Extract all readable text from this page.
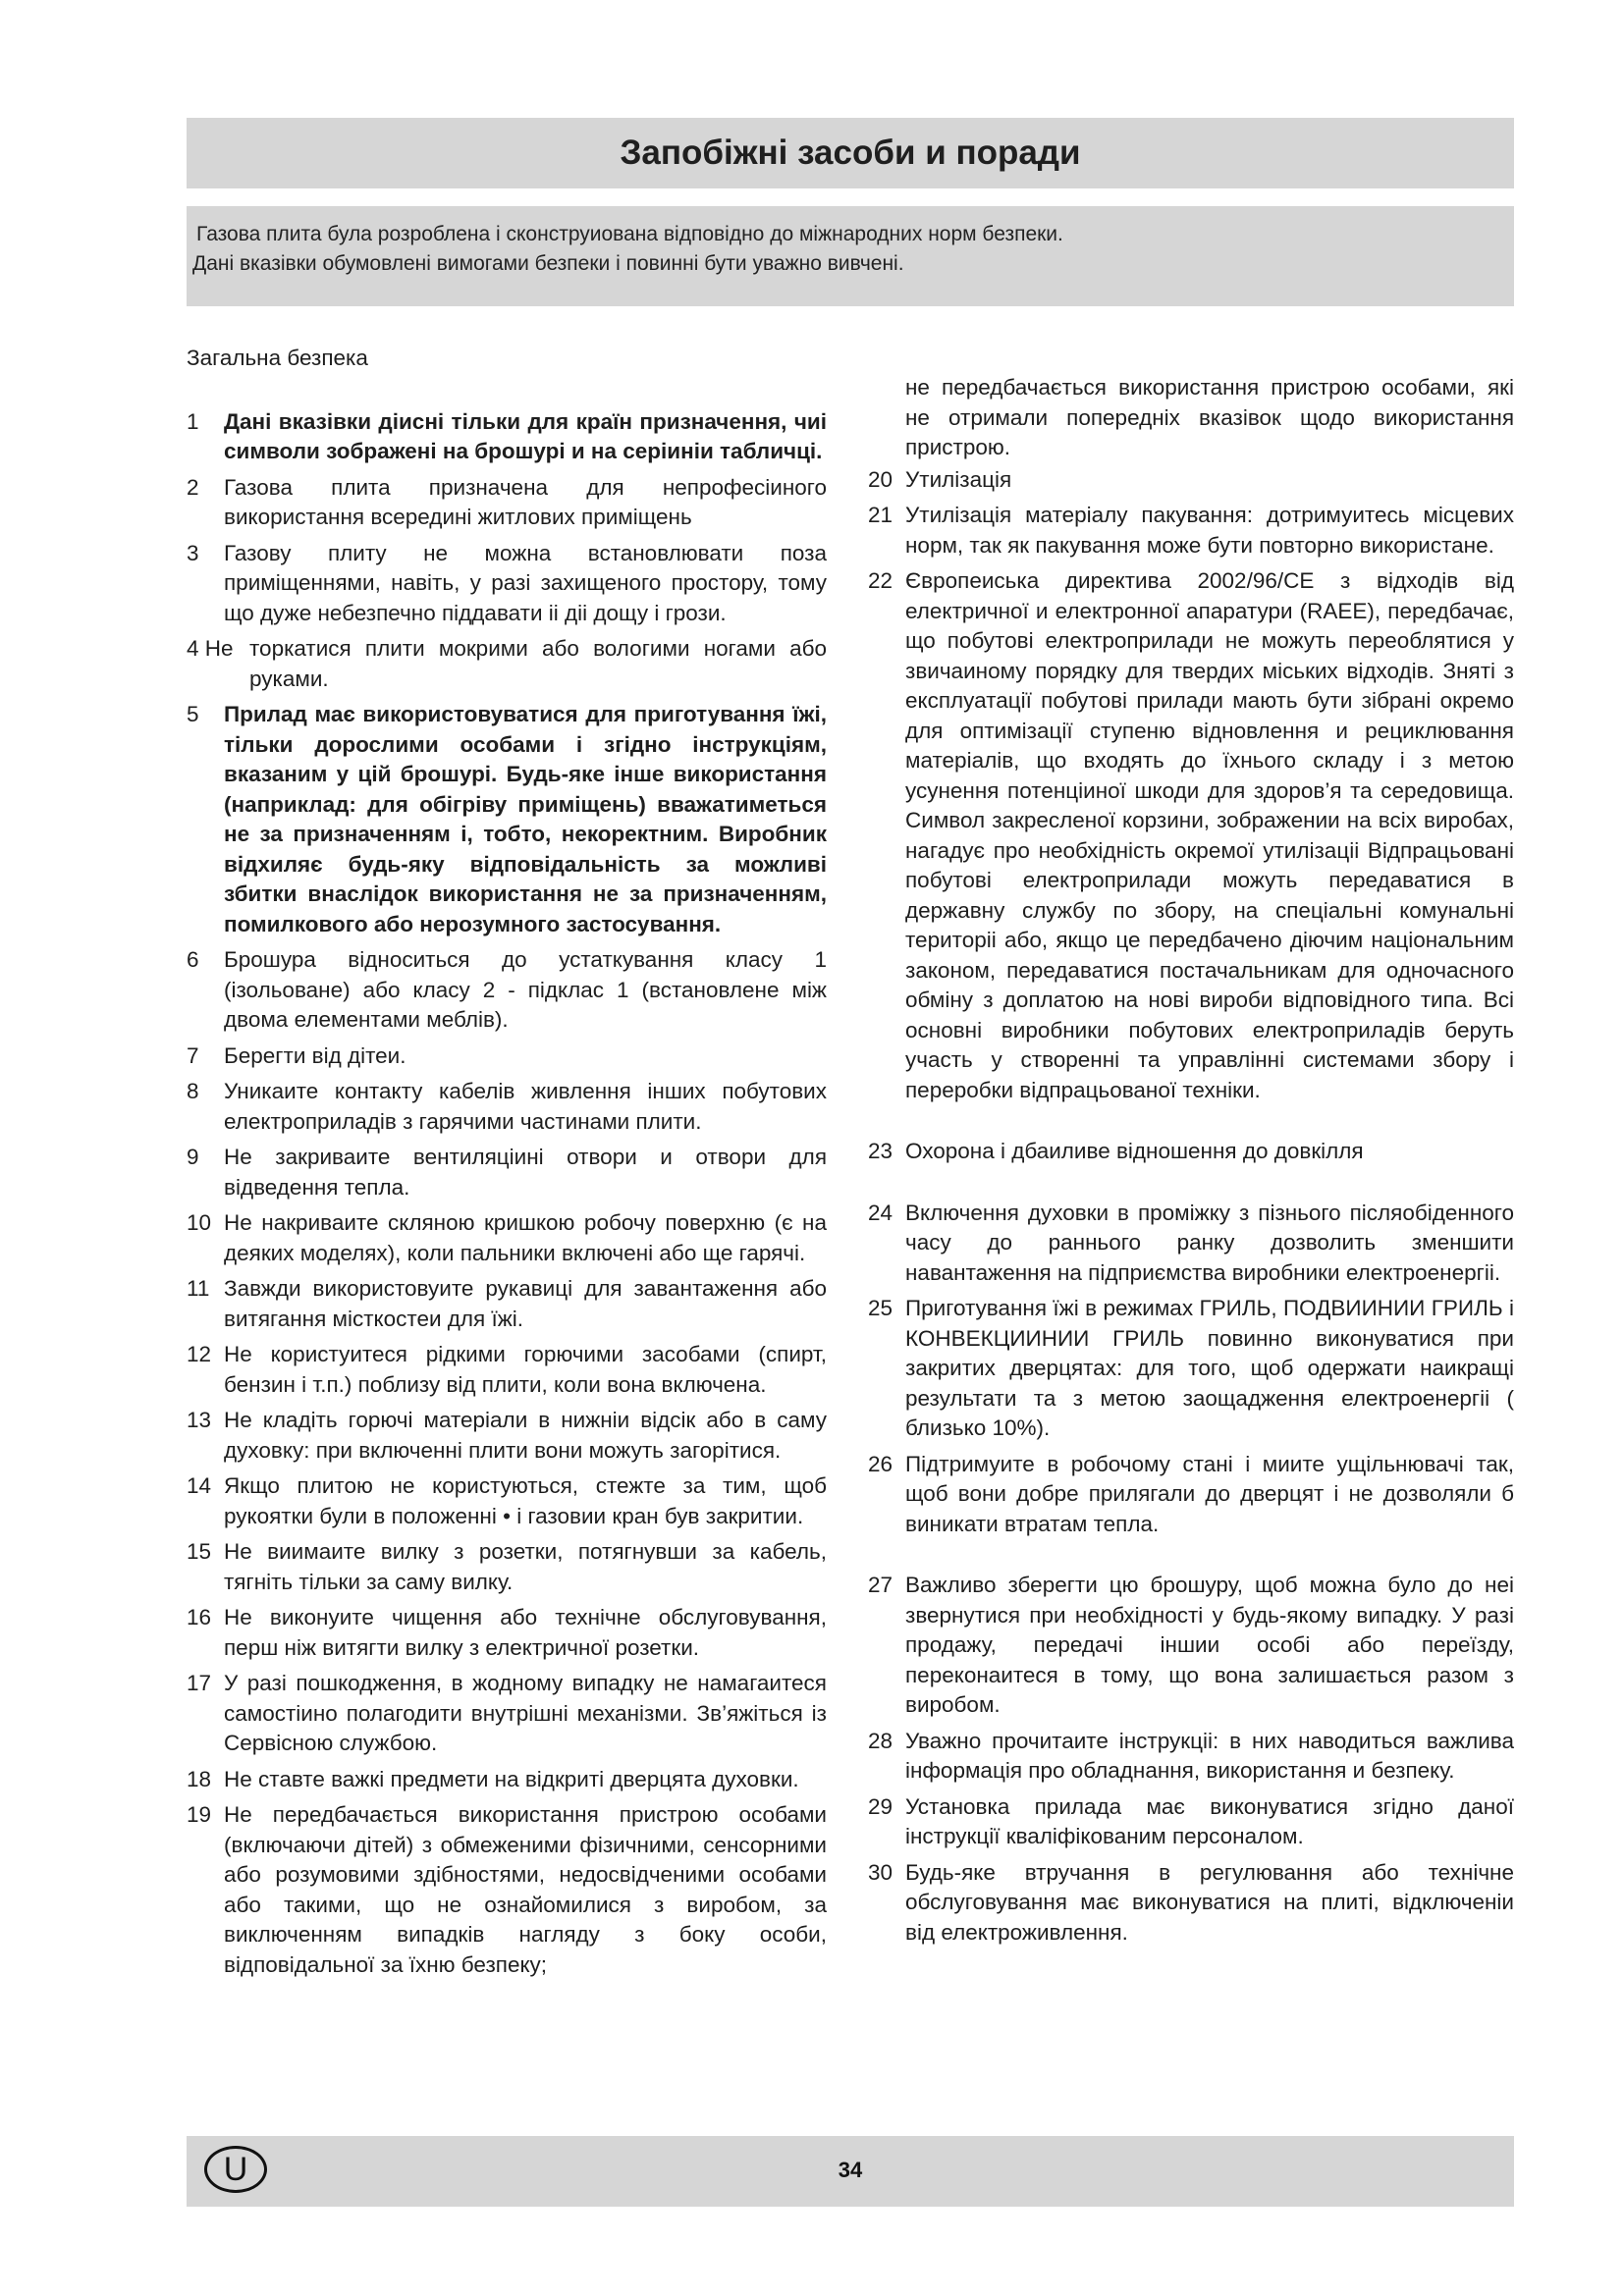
Запобіжні засоби и поради

Газова плита була розроблена і сконструиована відповідно до міжнародних норм безпеки.

Дані вказівки обумовлені вимогами безпеки і повинні бути уважно вивчені.

Загальна безпека

1	Дані вказівки діисні тільки для країн призначення, чиі символи зображені на брошурі и на серіиніи табличці.
2	Газова плита призначена для непрофесіиного використання всередині житлових приміщень
3	Газову плиту не можна встановлювати поза приміщеннями, навіть, у разі захищеного простору, тому що дуже небезпечно піддавати іі діі дощу і грози.
4 Не торкатися плити мокрими або вологими ногами або руками.
5	Прилад має використовуватися для приготування їжі, тільки дорослими особами і згідно інструкціям, вказаним у цій брошурі. Будь-яке інше використання (наприклад: для обігріву приміщень) вважатиметься не за призначенням і, тобто, некоректним. Виробник відхиляє будь-яку відповідальність за можливі збитки внаслідок використання не за призначенням, помилкового або нерозумного застосування.
6	Брошура відноситься до устаткування класу 1 (ізольоване) або класу 2 - підклас 1 (встановлене між двома елементами меблів).
7	Берегти від дітеи.
8	Уникаите контакту кабелів живлення інших побутових електроприладів з гарячими частинами плити.
9	Не закриваите вентиляціині отвори и отвори для відведення тепла.
10 Не накриваите скляною кришкою робочу поверхню (є на деяких моделях), коли пальники включені або ще гарячі.
11 Завжди використовуите рукавиці для завантаження або витягання місткостеи для їжі.
12 Не користуитеся рідкими горючими засобами (спирт, бензин і т.п.) поблизу від плити, коли вона включена.
13 Не кладіть горючі матеріали в нижніи відсік або в саму духовку: при включенні плити вони можуть загорітися.
14 Якщо плитою не користуються, стежте за тим, щоб рукоятки були в положенні • і газовии кран був закритии.
15 Не виимаите вилку з розетки, потягнувши за кабель, тягніть тільки за саму вилку.
16 Не виконуите чищення або технічне обслуговування, перш ніж витягти вилку з електричної розетки.
17 У разі пошкодження, в жодному випадку не намагаитеся самостіино полагодити внутрішні механізми. Зв’яжіться із Сервісною службою.
18 Не ставте важкі предмети на відкриті дверцята духовки.
19 Не передбачається використання пристрою особами (включаючи дітей) з обмеженими фізичними, сенсорними або розумовими здібностями, недосвідченими особами або такими, що не ознайомилися з виробом, за виключенням випадків нагляду з боку особи, відповідальної за їхню безпеку;

не передбачається використання пристрою особами, які не отримали попередніх вказівок щодо використання пристрою.

20 Утилізація
21 Утилізація матеріалу пакування: дотримуитесь місцевих норм, так як пакування може бути повторно використане.
22 Європеиська директива 2002/96/CE з відходів від електричної и електронної апаратури (RAEE), передбачає, що побутові електроприлади не можуть переоблятися у звичаиному порядку для твердих міських відходів. Зняті з експлуатації побутові прилади мають бути зібрані окремо для оптимізації ступеню відновлення и рециклювання матеріалів, що входять до їхнього складу і з метою усунення потенціиної шкоди для здоров’я та середовища. Символ закресленої корзини, зображении на всіх виробах, нагадує про необхідність окремої утилізаціі Відпрацьовані побутові електроприлади можуть передаватися в державну службу по збору, на спеціальні комунальні територіі або, якщо це передбачено діючим національним законом, передаватися постачальникам для одночасного обміну з доплатою на нові вироби відповідного типа. Всі основні виробники побутових електроприладів беруть участь у створенні та управлінні системами збору і переробки відпрацьованої техніки.
23 Охорона і дбаиливе відношення до довкілля
24 Включення духовки в проміжку з пізнього післяобіденного часу до раннього ранку дозволить зменшити навантаження на підприємства виробники електроенергіі.
25 Приготування їжі в режимах ГРИЛЬ, ПОДВИИНИИ ГРИЛЬ і КОНВЕКЦИИНИИ ГРИЛЬ повинно виконуватися при закритих дверцятах: для того, щоб одержати наикращі результати та з метою заощадження електроенергіі ( близько 10%).
26 Підтримуите в робочому стані і миите ущільнювачі так, щоб вони добре прилягали до дверцят і не дозволяли б виникати втратам тепла.
27 Важливо зберегти цю брошуру, щоб можна було до неі звернутися при необхідності у будь-якому випадку. У разі продажу, передачі іншии особі або переїзду, переконаитеся в тому, що вона залишається разом з виробом.
28 Уважно прочитаите інструкціі: в них наводиться важлива інформація про обладнання, використання и безпеку.
29 Установка прилада має виконуватися згідно даної інструкції кваліфікованим персоналом.
30 Будь-яке втручання в регулювання або технічне обслуговування має виконуватися на плиті, відключеніи від електроживлення.
U	34
